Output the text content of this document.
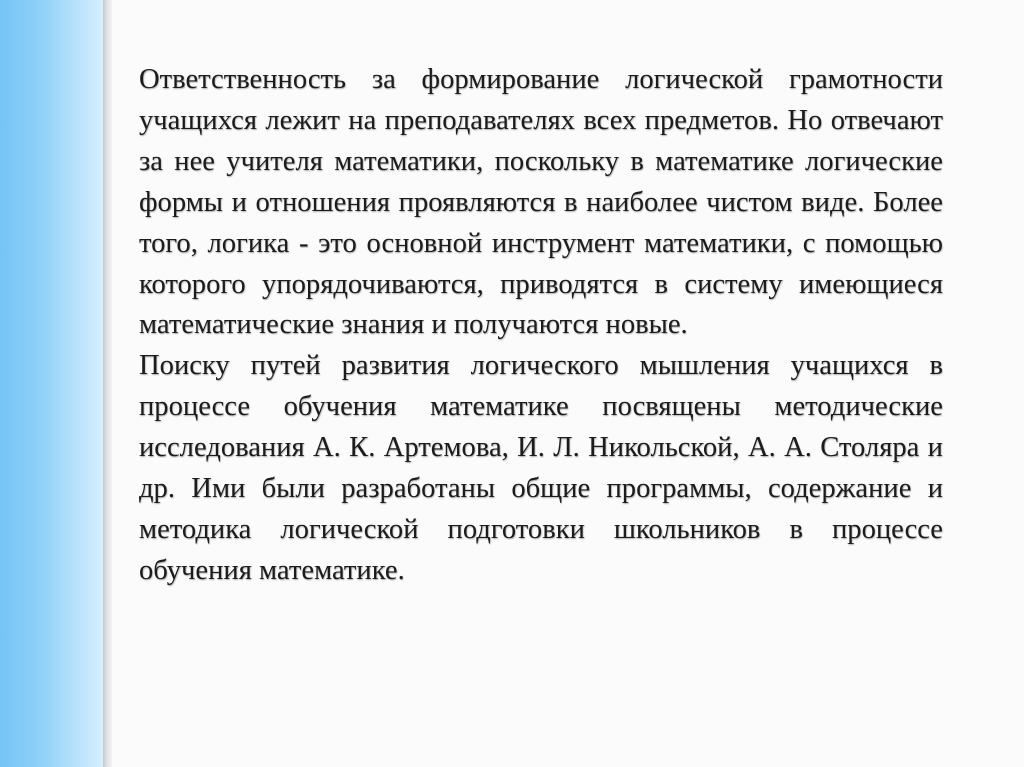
Ответственность за формирование логической грамотности учащихся лежит на преподавателях всех предметов. Но отвечают за нее учителя математики, поскольку в математике логические формы и отношения проявляются в наиболее чистом виде. Более того, логика - это основной инструмент математики, с помощью которого упорядочиваются, приводятся в систему имеющиеся математические знания и получаются новые.

Поиску путей развития логического мышления учащихся в процессе обучения математике посвящены методические исследования А. К. Артемова, И. Л. Никольской, А. А. Столяра и др. Ими были разработаны общие программы, содержание и методика логической подготовки школьников в процессе обучения математике.
